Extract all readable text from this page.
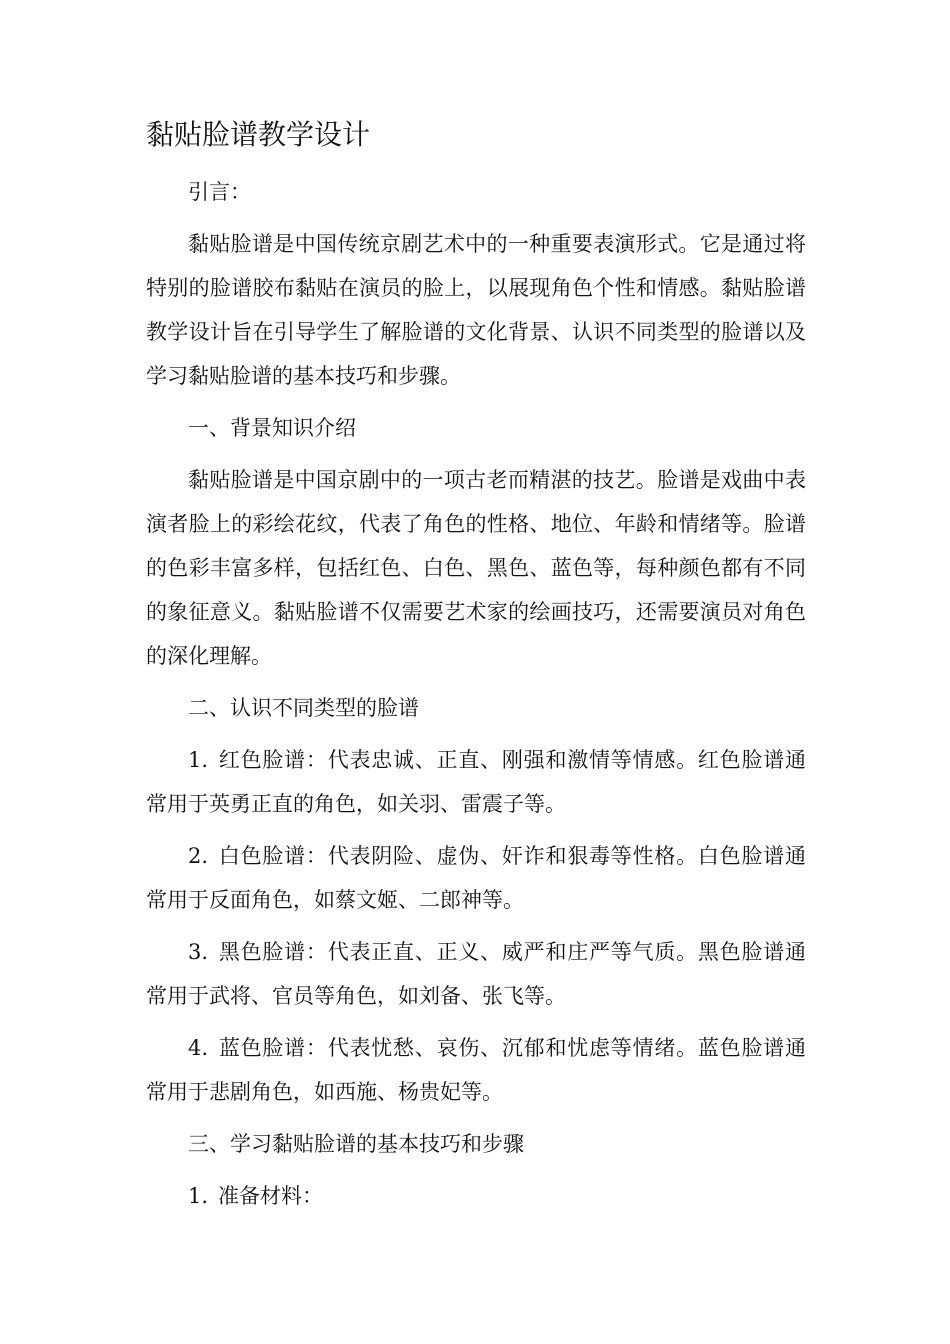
黏贴脸谱教学设计

引言：

黏贴脸谱是中国传统京剧艺术中的一种重要表演形式。它是通过将特别的脸谱胶布黏贴在演员的脸上，以展现角色个性和情感。黏贴脸谱教学设计旨在引导学生了解脸谱的文化背景、认识不同类型的脸谱以及学习黏贴脸谱的基本技巧和步骤。

一、背景知识介绍

黏贴脸谱是中国京剧中的一项古老而精湛的技艺。脸谱是戏曲中表演者脸上的彩绘花纹，代表了角色的性格、地位、年龄和情绪等。脸谱的色彩丰富多样，包括红色、白色、黑色、蓝色等，每种颜色都有不同的象征意义。黏贴脸谱不仅需要艺术家的绘画技巧，还需要演员对角色的深化理解。

二、认识不同类型的脸谱

1. 红色脸谱：代表忠诚、正直、刚强和激情等情感。红色脸谱通常用于英勇正直的角色，如关羽、雷震子等。

2. 白色脸谱：代表阴险、虚伪、奸诈和狠毒等性格。白色脸谱通常用于反面角色，如蔡文姬、二郎神等。

3. 黑色脸谱：代表正直、正义、威严和庄严等气质。黑色脸谱通常用于武将、官员等角色，如刘备、张飞等。

4. 蓝色脸谱：代表忧愁、哀伤、沉郁和忧虑等情绪。蓝色脸谱通常用于悲剧角色，如西施、杨贵妃等。

三、学习黏贴脸谱的基本技巧和步骤

1. 准备材料：
